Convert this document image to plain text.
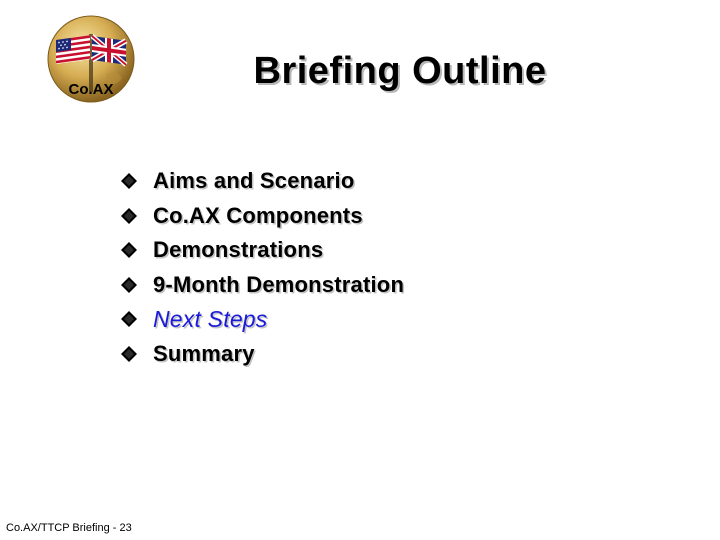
Co.AX	Briefing Outline
Aims and Scenario
Co.AX Components
Demonstrations
9-Month Demonstration
Next Steps
Summary
Co.AX/TTCP Briefing - 23
